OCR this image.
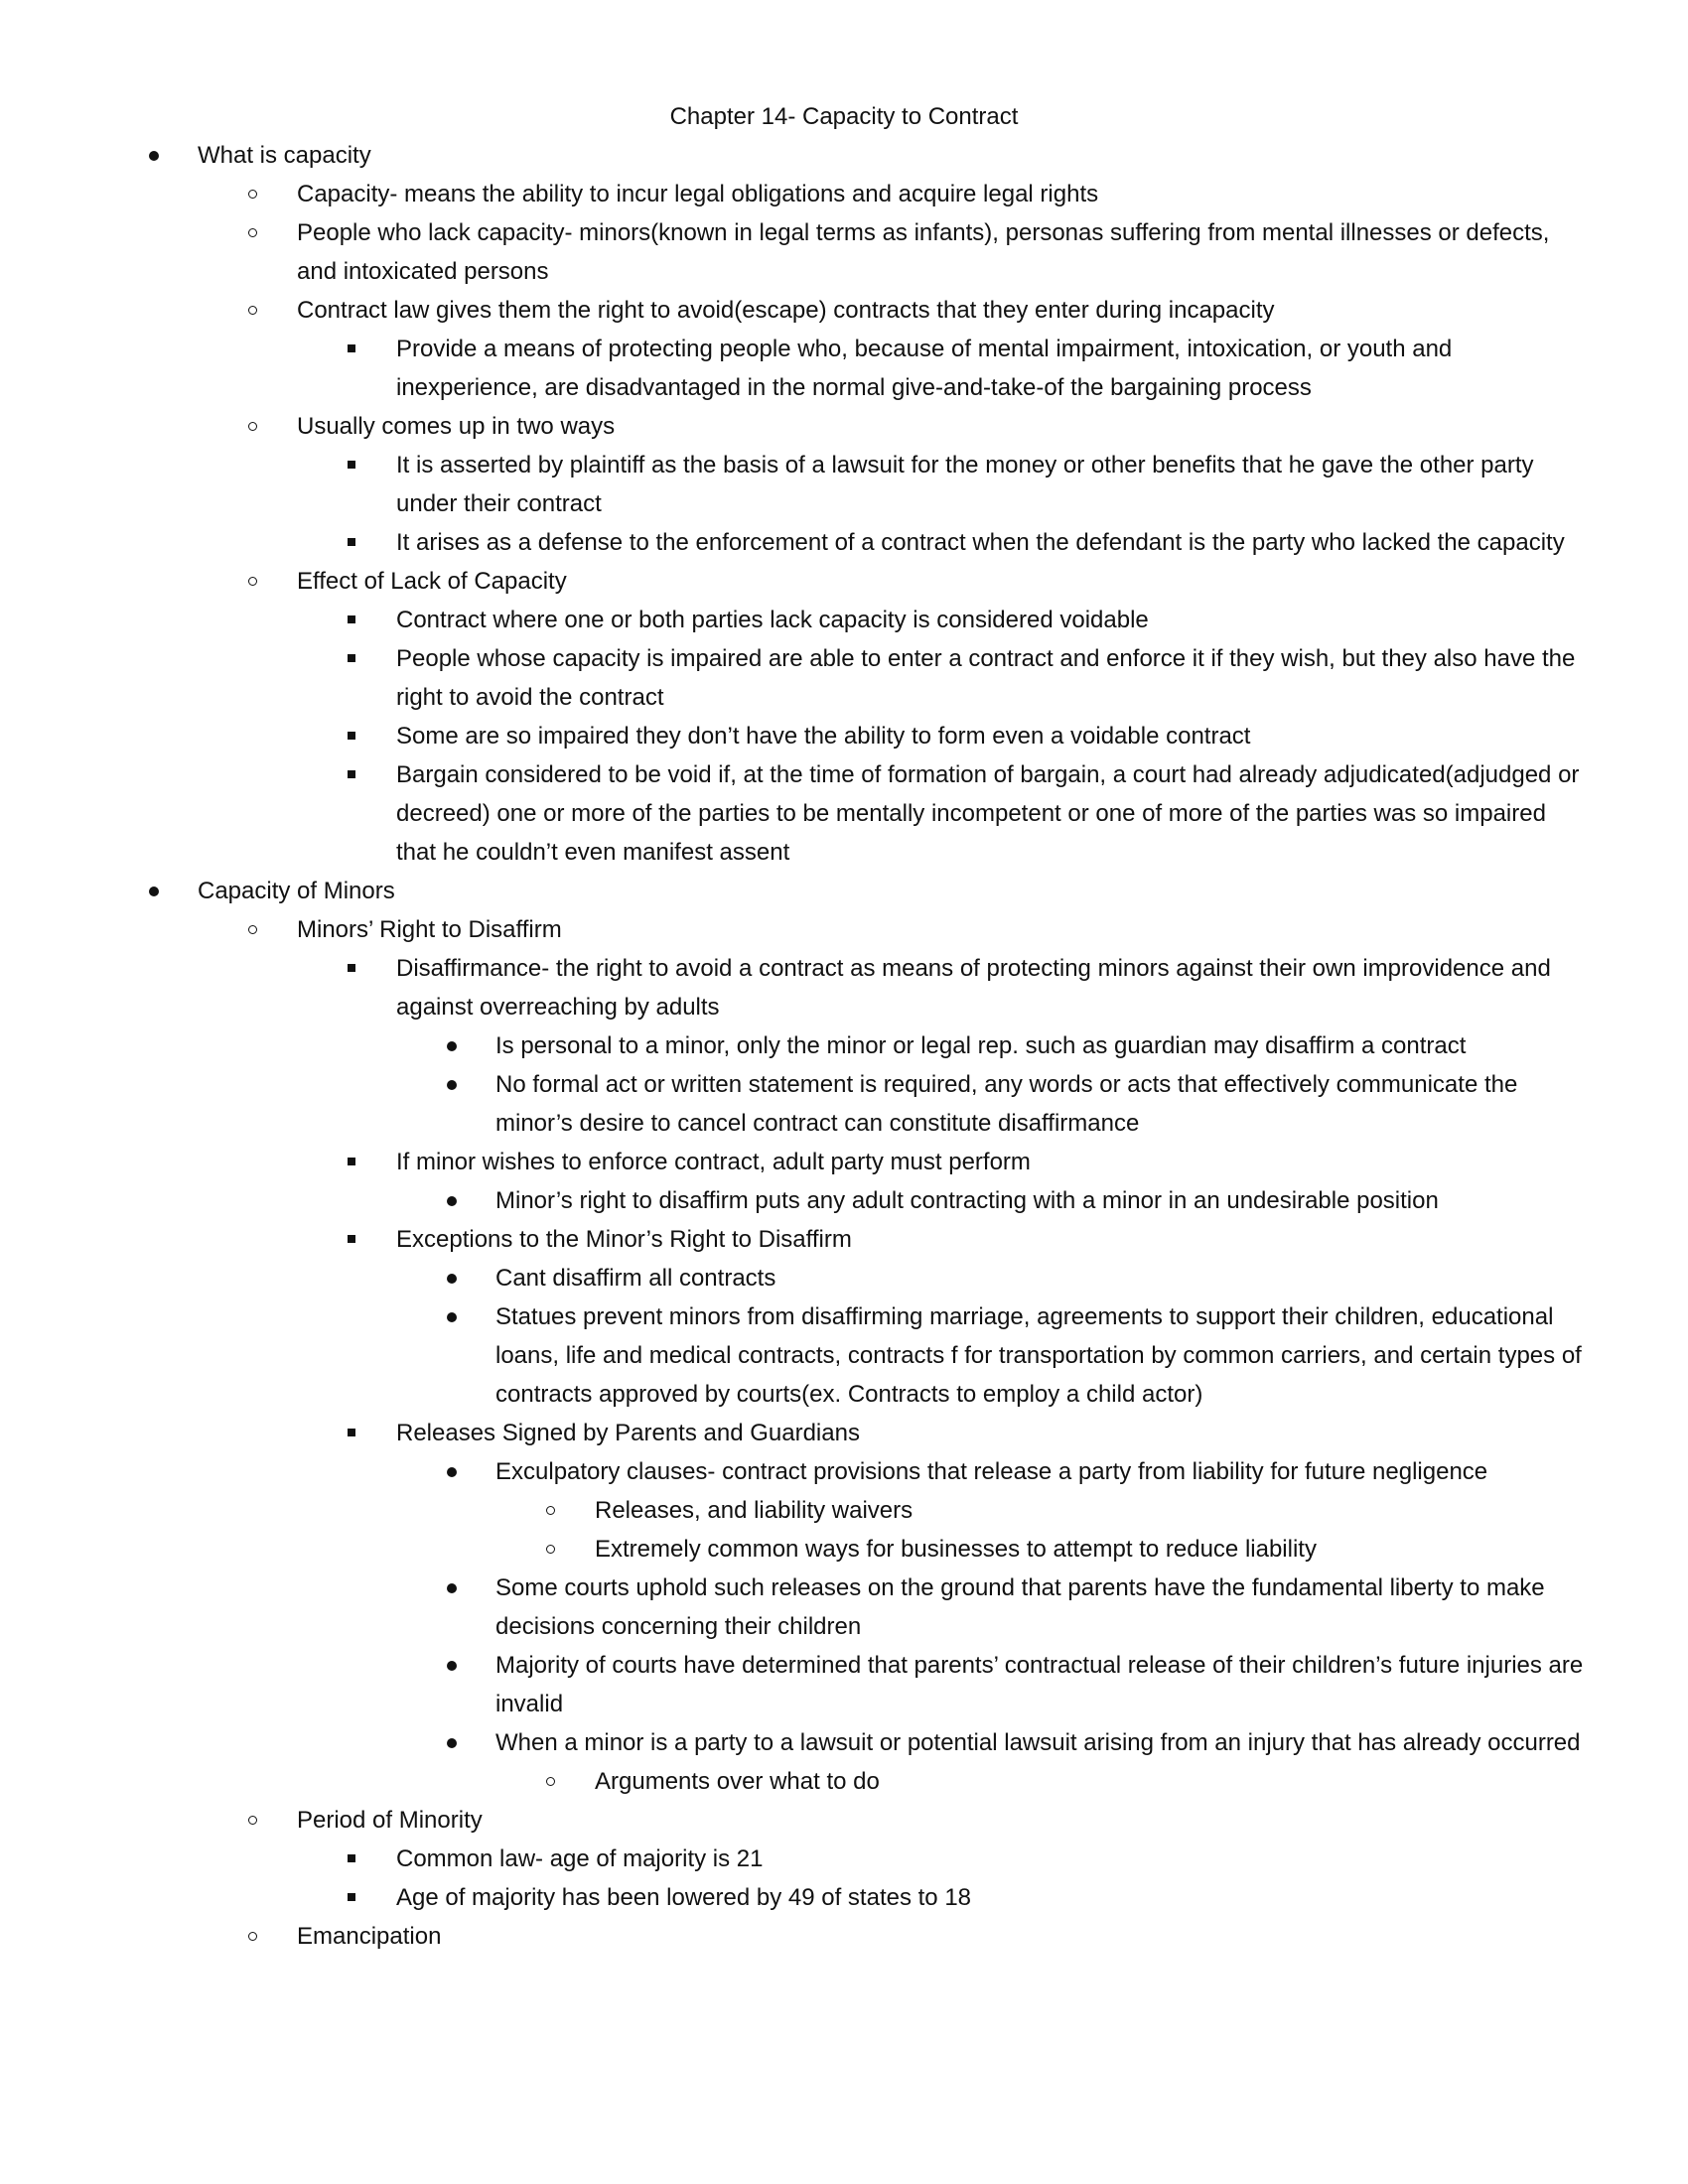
Chapter 14- Capacity to Contract
What is capacity
Capacity- means the ability to incur legal obligations and acquire legal rights
People who lack capacity- minors(known in legal terms as infants), personas suffering from mental illnesses or defects, and intoxicated persons
Contract law gives them the right to avoid(escape) contracts that they enter during incapacity
Provide a means of protecting people who, because of mental impairment, intoxication, or youth and inexperience, are disadvantaged in the normal give-and-take-of the bargaining process
Usually comes up in two ways
It is asserted by plaintiff as the basis of a lawsuit for the money or other benefits that he gave the other party under their contract
It arises as a defense to the enforcement of a contract when the defendant is the party who lacked the capacity
Effect of Lack of Capacity
Contract where one or both parties lack capacity is considered voidable
People whose capacity is impaired are able to enter a contract and enforce it if they wish, but they also have the right to avoid the contract
Some are so impaired they don’t have the ability to form even a voidable contract
Bargain considered to be void if, at the time of formation of bargain, a court had already adjudicated(adjudged or decreed) one or more of the parties to be mentally incompetent or one of more of the parties was so impaired that he couldn’t even manifest assent
Capacity of Minors
Minors’ Right to Disaffirm
Disaffirmance- the right to avoid a contract as means of protecting minors against their own improvidence and against overreaching by adults
Is personal to a minor, only the minor or legal rep. such as guardian may disaffirm a contract
No formal act or written statement is required, any words or acts that effectively communicate the minor’s desire to cancel contract can constitute disaffirmance
If minor wishes to enforce contract, adult party must perform
Minor’s right to disaffirm puts any adult contracting with a minor in an undesirable position
Exceptions to the Minor’s Right to Disaffirm
Cant disaffirm all contracts
Statues prevent minors from disaffirming marriage, agreements to support their children, educational loans, life and medical contracts, contracts f for transportation by common carriers, and certain types of contracts approved by courts(ex. Contracts to employ a child actor)
Releases Signed by Parents and Guardians
Exculpatory clauses- contract provisions that release a party from liability for future negligence
Releases, and liability waivers
Extremely common ways for businesses to attempt to reduce liability
Some courts uphold such releases on the ground that parents have the fundamental liberty to make decisions concerning their children
Majority of courts have determined that parents’ contractual release of their children’s future injuries are invalid
When a minor is a party to a lawsuit or potential lawsuit arising from an injury that has already occurred
Arguments over what to do
Period of Minority
Common law- age of majority is 21
Age of majority has been lowered by 49 of states to 18
Emancipation
